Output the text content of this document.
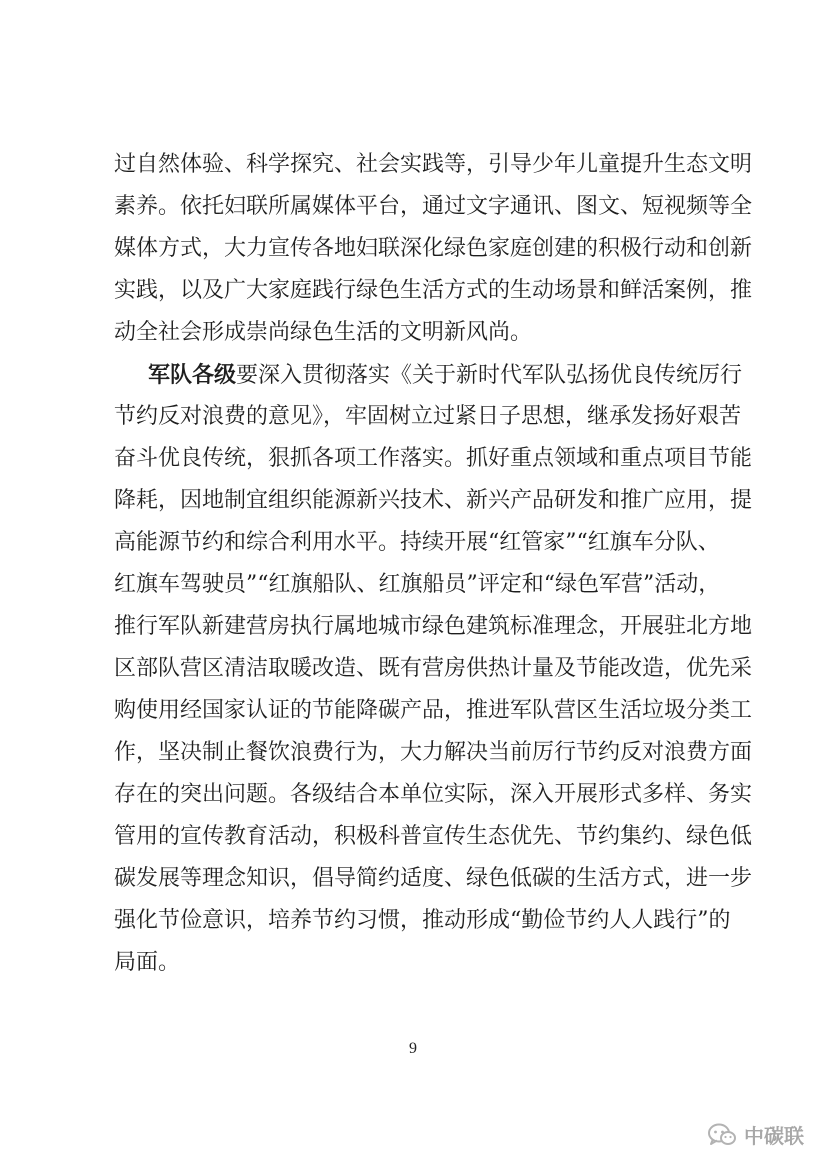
过自然体验、科学探究、社会实践等，引导少年儿童提升生态文明
素养。依托妇联所属媒体平台，通过文字通讯、图文、短视频等全
媒体方式，大力宣传各地妇联深化绿色家庭创建的积极行动和创新
实践，以及广大家庭践行绿色生活方式的生动场景和鲜活案例，推
动全社会形成崇尚绿色生活的文明新风尚。
军队各级要深入贯彻落实《关于新时代军队弘扬优良传统厉行
节约反对浪费的意见》，牢固树立过紧日子思想，继承发扬好艰苦
奋斗优良传统，狠抓各项工作落实。抓好重点领域和重点项目节能
降耗，因地制宜组织能源新兴技术、新兴产品研发和推广应用，提
高能源节约和综合利用水平。持续开展“红管家”“红旗车分队、
红旗车驾驶员”“红旗船队、红旗船员”评定和“绿色军营”活动，
推行军队新建营房执行属地城市绿色建筑标准理念，开展驻北方地
区部队营区清洁取暖改造、既有营房供热计量及节能改造，优先采
购使用经国家认证的节能降碳产品，推进军队营区生活垃圾分类工
作，坚决制止餐饮浪费行为，大力解决当前厉行节约反对浪费方面
存在的突出问题。各级结合本单位实际，深入开展形式多样、务实
管用的宣传教育活动，积极科普宣传生态优先、节约集约、绿色低
碳发展等理念知识，倡导简约适度、绿色低碳的生活方式，进一步
强化节俭意识，培养节约习惯，推动形成“勤俭节约人人践行”的
局面。
9
中碳联
